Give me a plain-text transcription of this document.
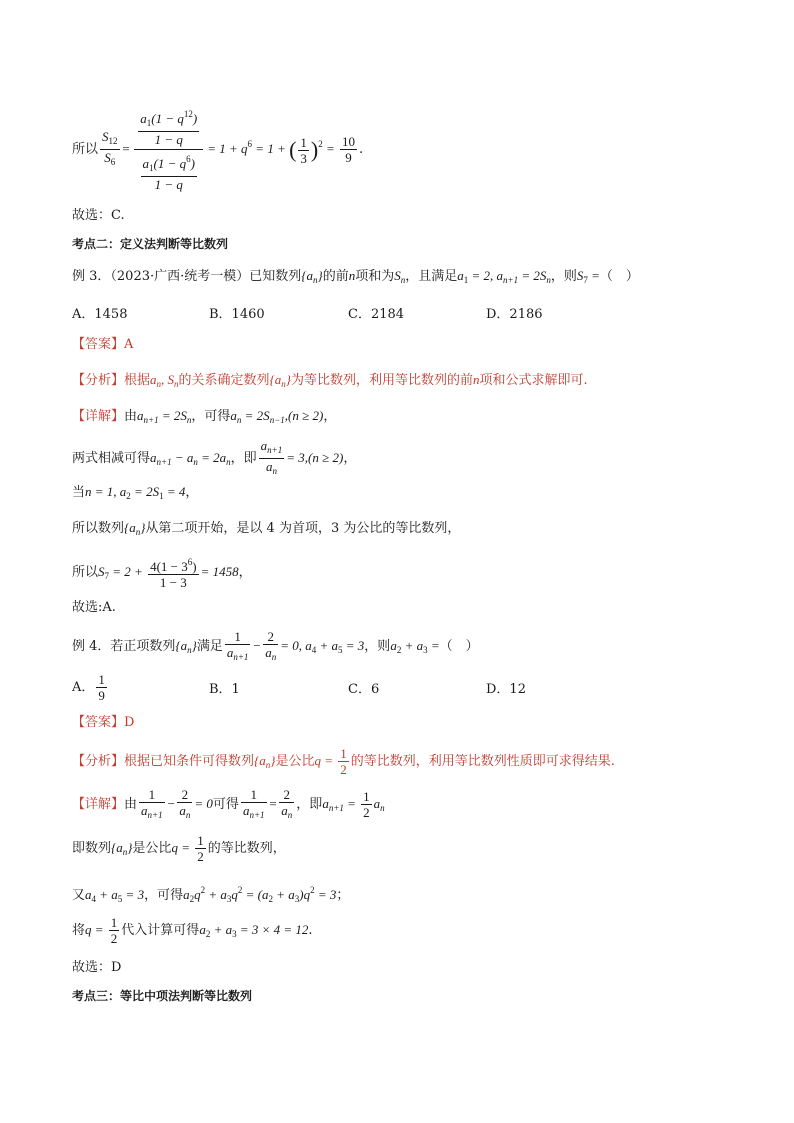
所以 $\frac{S_{12}}{S_6} = \frac{\frac{a_1(1 - q^{12})}{1 - q}}{\frac{a_1(1 - q^6)}{1 - q}} = 1 + q^6 = 1$ + ( $\frac{1}{3} )^2 = \frac{10}{9}$ .
故选：C.
考点二：定义法判断等比数列
例 3．（2023·广西·统考一模）已知数列$\{a_n\}$的前n项和为$S_n$，且满足$a_1 = 2$, $a_{n+1} = 2S_n$，则$S_7$ =（　）
A．1458	B．1460	C．2184	D．2186
【答案】A
【分析】根据$a_n$, $S_n$的关系确定数列$\{a_n\}$为等比数列，利用等比数列的前n项和公式求解即可.
【详解】由$a_{n+1} = 2S_n$，可得$a_n = 2S_{n-1},(n \ge 2)$，
两式相减可得$a_{n+1} - a_n = 2a_n$，即 $\frac{a_{n+1}}{a_n} = 3,(n \ge 2)$，
当n = 1, $a_2 = 2S_1 = 4$，
所以数列$\{a_n\}$从第二项开始，是以 4 为首项，3 为公比的等比数列，
所以$S_7 = 2 + \frac{4(1 - 3^6)}{1 - 3} = 1458$，
故选:A.
例 4．若正项数列$\{a_n\}$满足 $\frac{1}{a_{n+1}} - \frac{2}{a_n} = 0$, $a_4 + a_5 = 3$，则$a_2 + a_3$ =（　）
A． $\frac{1}{9}$	B．1	C．6	D．12
【答案】D
【分析】根据已知条件可得数列$\{a_n\}$是公比$q = \frac{1}{2}$ 的等比数列，利用等比数列性质即可求得结果.
【详解】由 $\frac{1}{a_{n+1}} - \frac{2}{a_n} = 0$可得 $\frac{1}{a_{n+1}} = \frac{2}{a_n}$ ，即$a_{n+1} = \frac{1}{2} a_n$
即数列$\{a_n\}$是公比$q = \frac{1}{2}$ 的等比数列，
又$a_4 + a_5 = 3$，可得$a_2q^2 + a_3q^2 = (a_2 + a_3)q^2 = 3$；
将$q = \frac{1}{2}$ 代入计算可得$a_2 + a_3 = 3 \times 4 = 12$.
故选：D
考点三：等比中项法判断等比数列
